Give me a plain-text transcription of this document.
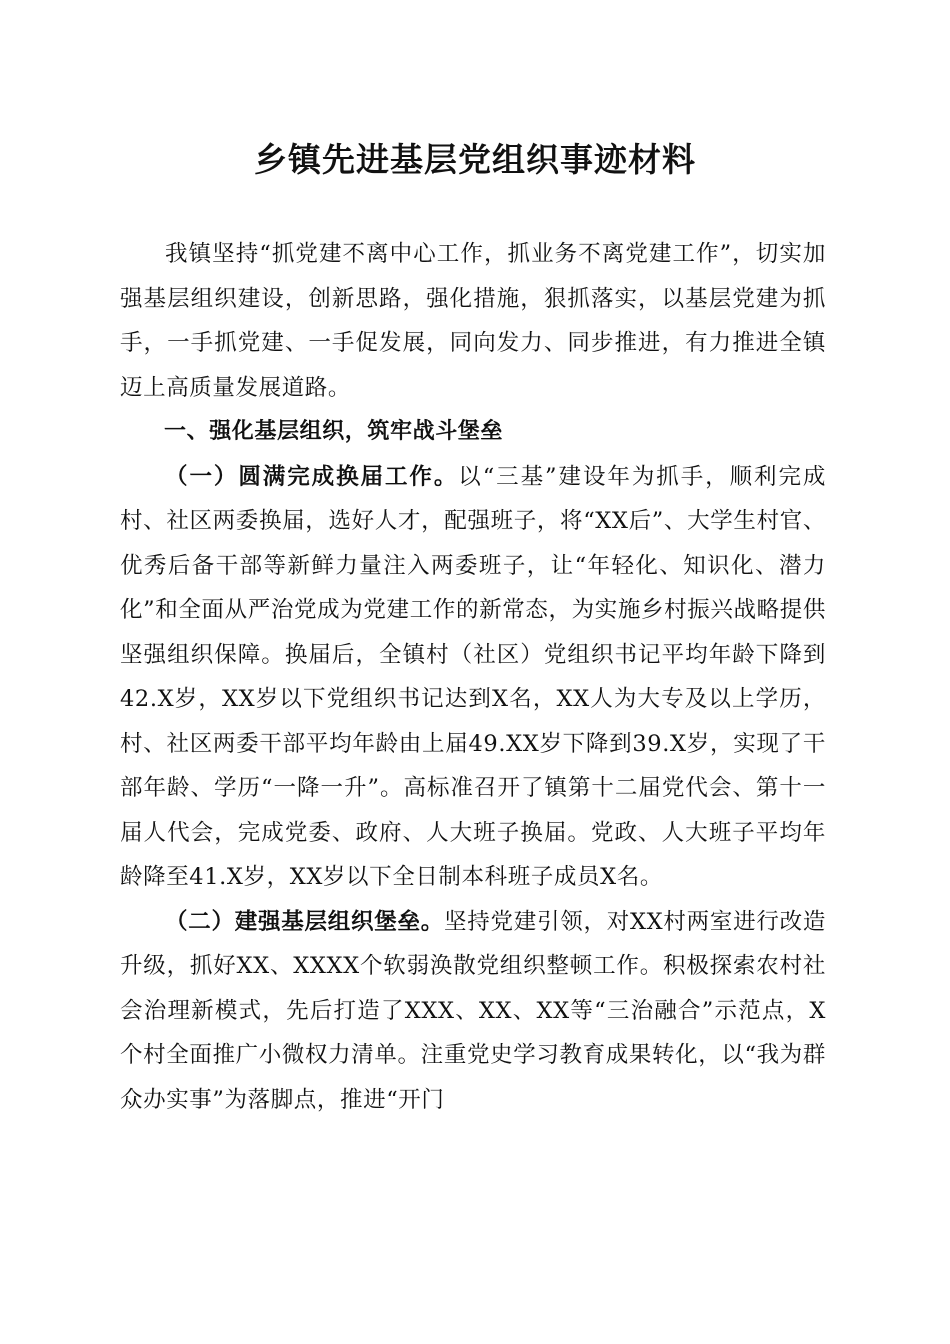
乡镇先进基层党组织事迹材料

我镇坚持“抓党建不离中心工作，抓业务不离党建工作”，切实加强基层组织建设，创新思路，强化措施，狠抓落实，以基层党建为抓手，一手抓党建、一手促发展，同向发力、同步推进，有力推进全镇迈上高质量发展道路。

一、强化基层组织，筑牢战斗堡垒

（一）圆满完成换届工作。以“三基”建设年为抓手，顺利完成村、社区两委换届，选好人才，配强班子，将“XX后”、大学生村官、优秀后备干部等新鲜力量注入两委班子，让“年轻化、知识化、潜力化”和全面从严治党成为党建工作的新常态，为实施乡村振兴战略提供坚强组织保障。换届后，全镇村（社区）党组织书记平均年龄下降到42.X岁，XX岁以下党组织书记达到X名，XX人为大专及以上学历，村、社区两委干部平均年龄由上届49.XX岁下降到39.X岁，实现了干部年龄、学历“一降一升”。高标准召开了镇第十二届党代会、第十一届人代会，完成党委、政府、人大班子换届。党政、人大班子平均年龄降至41.X岁，XX岁以下全日制本科班子成员X名。

（二）建强基层组织堡垒。坚持党建引领，对XX村两室进行改造升级，抓好XX、XXXX个软弱涣散党组织整顿工作。积极探索农村社会治理新模式，先后打造了XXX、XX、XX等“三治融合”示范点，X个村全面推广小微权力清单。注重党史学习教育成果转化，以“我为群众办实事”为落脚点，推进“开门
